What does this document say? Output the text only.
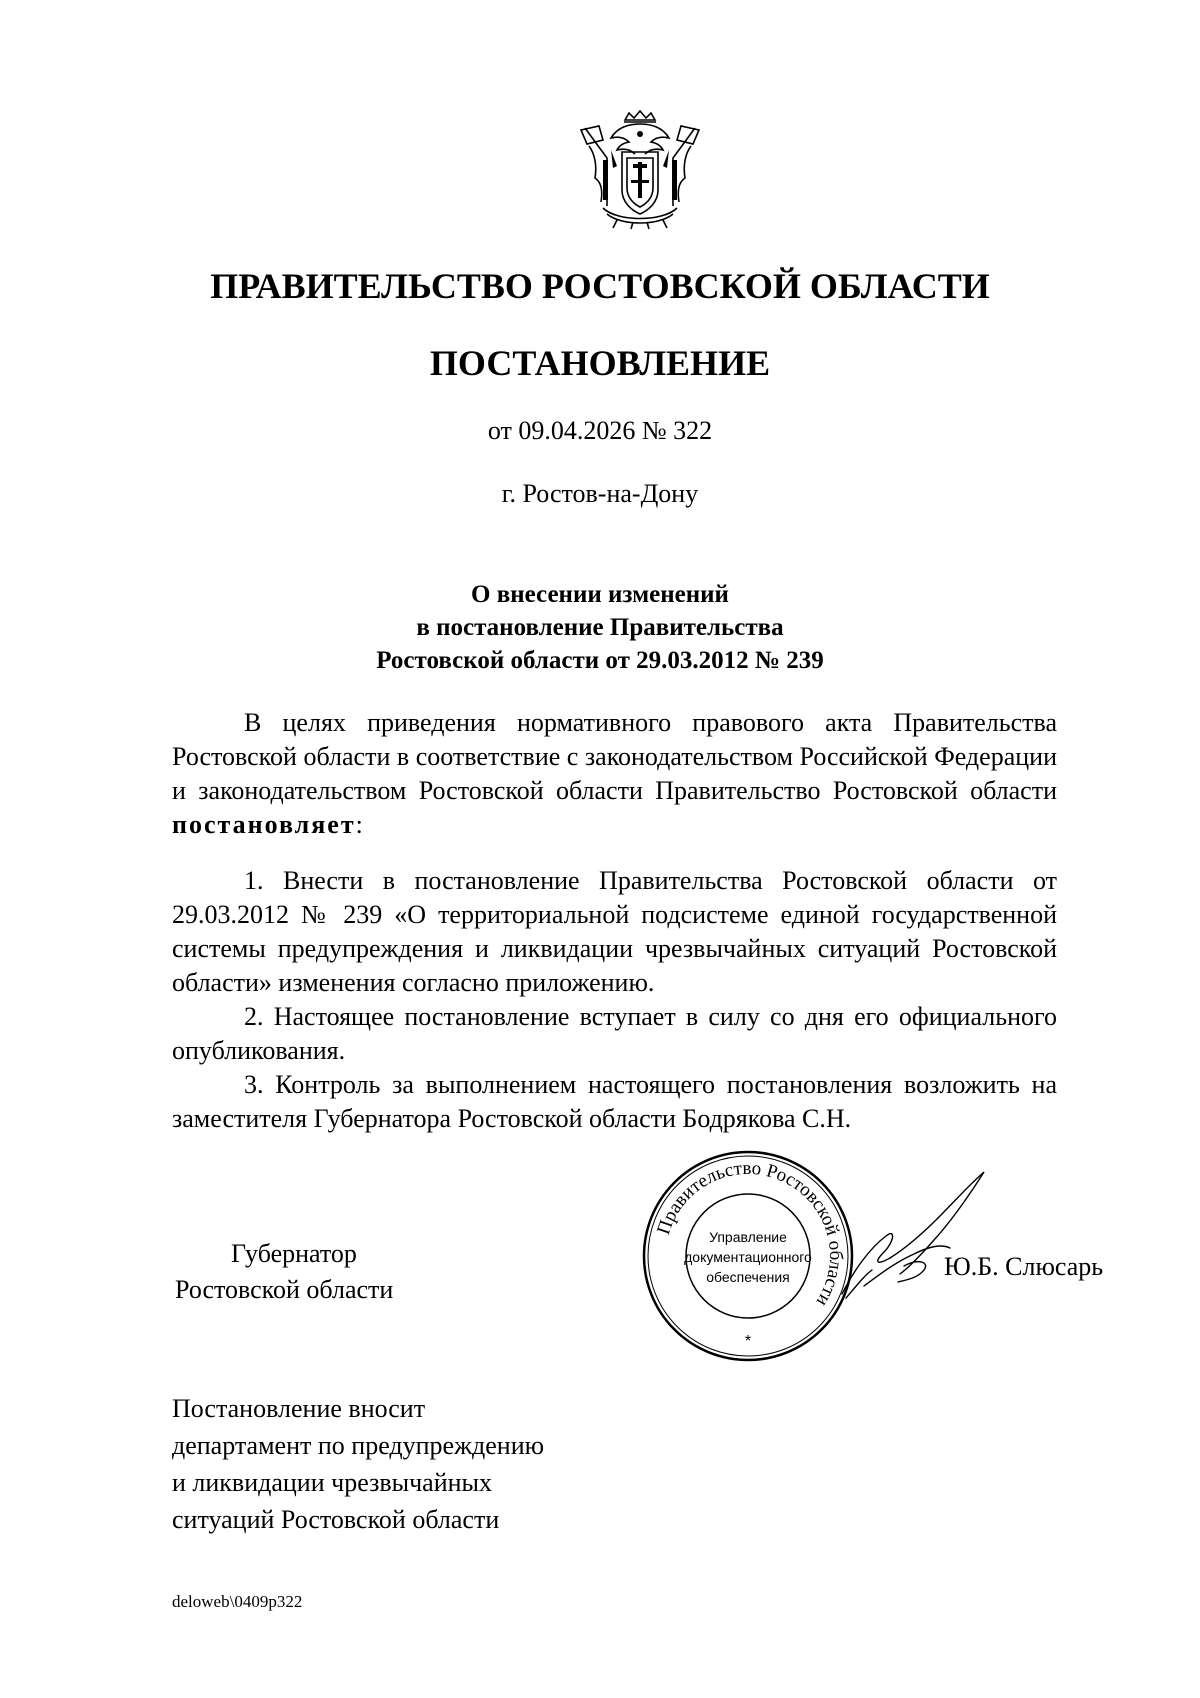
ПРАВИТЕЛЬСТВО РОСТОВСКОЙ ОБЛАСТИ
ПОСТАНОВЛЕНИЕ
от 09.04.2026 № 322
г. Ростов-на-Дону
О внесении изменений
в постановление Правительства
Ростовской области от 29.03.2012 № 239
В целях приведения нормативного правового акта Правительства Ростовской области в соответствие с законодательством Российской Федерации и законодательством Ростовской области Правительство Ростовской области постановляет:
1. Внести в постановление Правительства Ростовской области от 29.03.2012 № 239 «О территориальной подсистеме единой государственной системы предупреждения и ликвидации чрезвычайных ситуаций Ростовской области» изменения согласно приложению.
2. Настоящее постановление вступает в силу со дня его официального опубликования.
3. Контроль за выполнением настоящего постановления возложить на заместителя Губернатора Ростовской области Бодрякова С.Н.
Губернатор
Ростовской области
Правительство Ростовской области
Управление
документационного
обеспечения
*
Ю.Б. Слюсарь
Постановление вносит
департамент по предупреждению
и ликвидации чрезвычайных
ситуаций Ростовской области
deloweb\0409p322
